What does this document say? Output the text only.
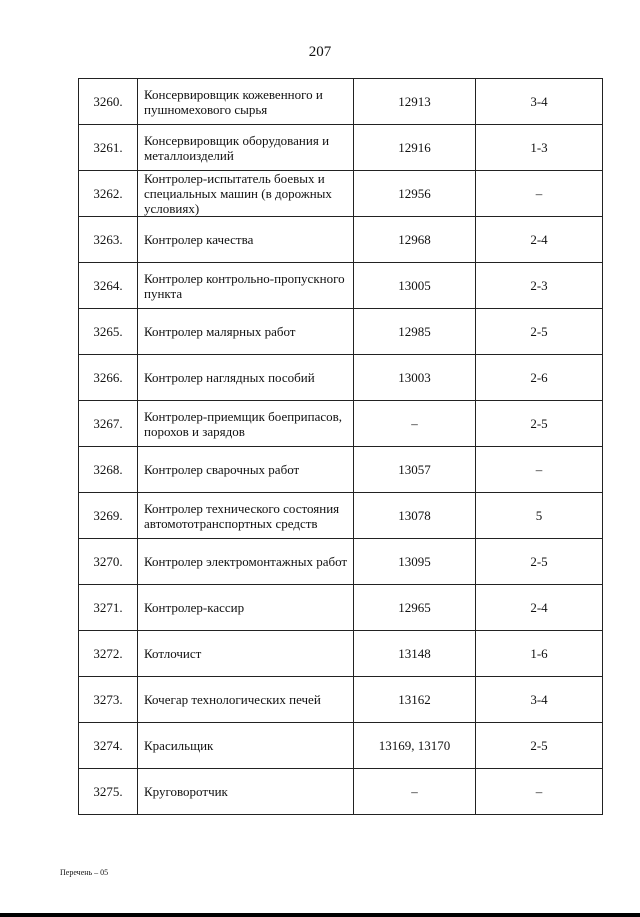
207
3260.	Консервировщик кожевенного и пушномехового сырья	12913	3-4
3261.	Консервировщик оборудования и металлоизделий	12916	1-3
3262.	Контролер-испытатель боевых и специальных машин (в дорожных условиях)	12956	–
3263.	Контролер качества	12968	2-4
3264.	Контролер контрольно-пропускного пункта	13005	2-3
3265.	Контролер малярных работ	12985	2-5
3266.	Контролер наглядных пособий	13003	2-6
3267.	Контролер-приемщик боеприпасов, порохов и зарядов	–	2-5
3268.	Контролер сварочных работ	13057	–
3269.	Контролер технического состояния автомототранспортных средств	13078	5
3270.	Контролер электромонтажных работ	13095	2-5
3271.	Контролер-кассир	12965	2-4
3272.	Котлочист	13148	1-6
3273.	Кочегар технологических печей	13162	3-4
3274.	Красильщик	13169, 13170	2-5
3275.	Круговоротчик	–	–
Перечень – 05
